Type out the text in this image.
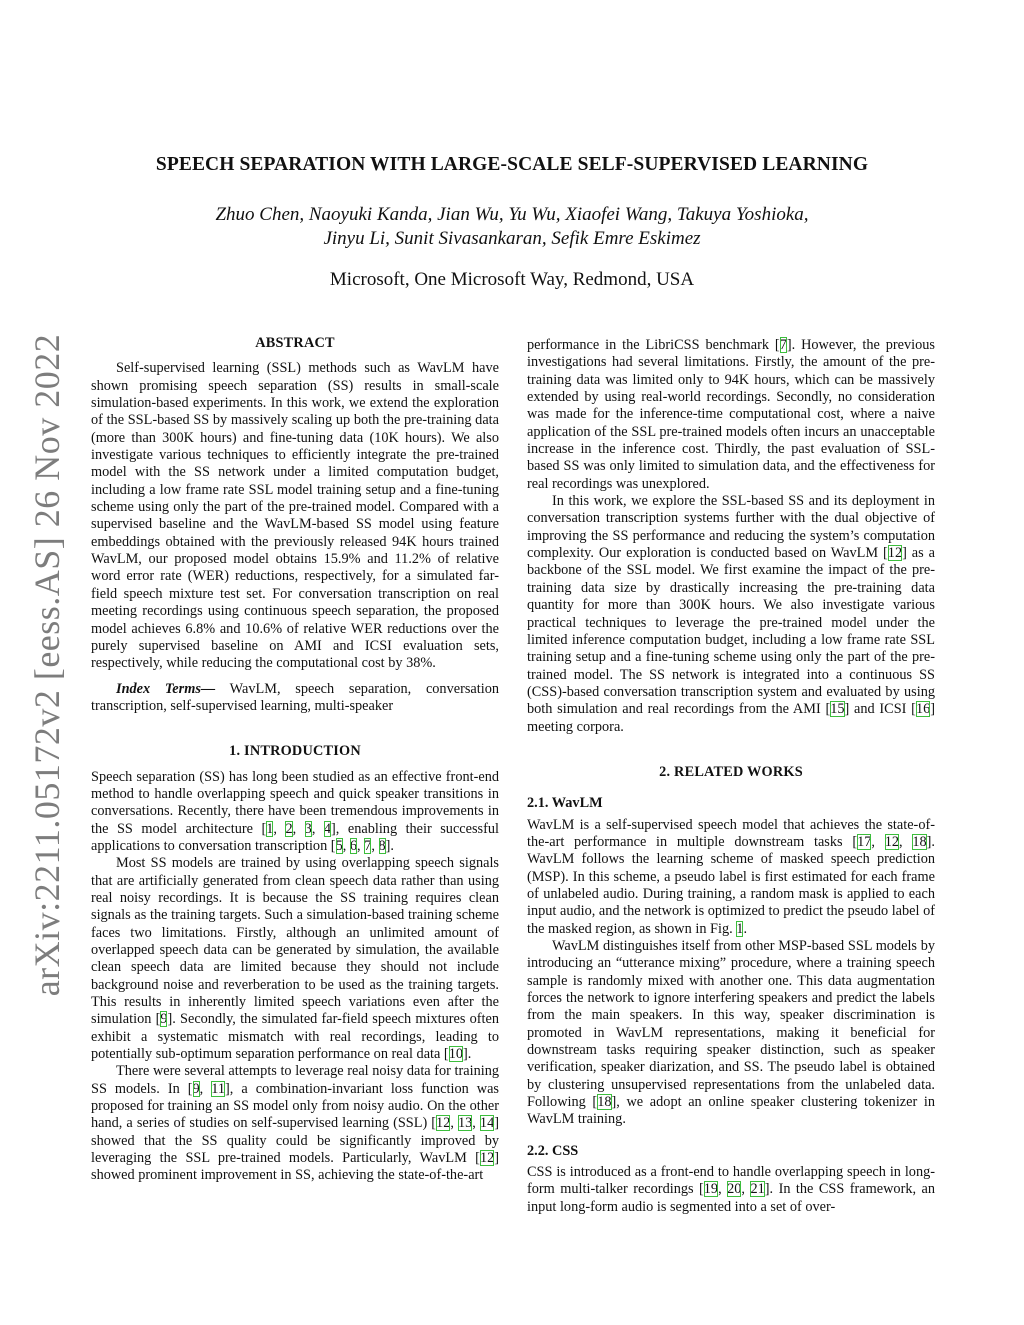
arXiv:2211.05172v2 [eess.AS] 26 Nov 2022
SPEECH SEPARATION WITH LARGE-SCALE SELF-SUPERVISED LEARNING
Zhuo Chen, Naoyuki Kanda, Jian Wu, Yu Wu, Xiaofei Wang, Takuya Yoshioka,
Jinyu Li, Sunit Sivasankaran, Sefik Emre Eskimez
Microsoft, One Microsoft Way, Redmond, USA
ABSTRACT

Self-supervised learning (SSL) methods such as WavLM have shown promising speech separation (SS) results in small-scale simulation-based experiments. In this work, we extend the exploration of the SSL-based SS by massively scaling up both the pre-training data (more than 300K hours) and fine-tuning data (10K hours). We also investigate various techniques to efficiently integrate the pre-trained model with the SS network under a limited computation budget, including a low frame rate SSL model training setup and a fine-tuning scheme using only the part of the pre-trained model. Compared with a supervised baseline and the WavLM-based SS model using feature embeddings obtained with the previously released 94K hours trained WavLM, our proposed model obtains 15.9% and 11.2% of relative word error rate (WER) reductions, respectively, for a simulated far-field speech mixture test set. For conversation transcription on real meeting recordings using continuous speech separation, the proposed model achieves 6.8% and 10.6% of relative WER reductions over the purely supervised baseline on AMI and ICSI evaluation sets, respectively, while reducing the computational cost by 38%.

Index Terms— WavLM, speech separation, conversation transcription, self-supervised learning, multi-speaker

1. INTRODUCTION

Speech separation (SS) has long been studied as an effective front-end method to handle overlapping speech and quick speaker transitions in conversations. Recently, there have been tremendous improvements in the SS model architecture [1, 2, 3, 4], enabling their successful applications to conversation transcription [5, 6, 7, 8].

Most SS models are trained by using overlapping speech signals that are artificially generated from clean speech data rather than using real noisy recordings. It is because the SS training requires clean signals as the training targets. Such a simulation-based training scheme faces two limitations. Firstly, although an unlimited amount of overlapped speech data can be generated by simulation, the available clean speech data are limited because they should not include background noise and reverberation to be used as the training targets. This results in inherently limited speech variations even after the simulation [9]. Secondly, the simulated far-field speech mixtures often exhibit a systematic mismatch with real recordings, leading to potentially sub-optimum separation performance on real data [10].

There were several attempts to leverage real noisy data for training SS models. In [9, 11], a combination-invariant loss function was proposed for training an SS model only from noisy audio. On the other hand, a series of studies on self-supervised learning (SSL) [12, 13, 14] showed that the SS quality could be significantly improved by leveraging the SSL pre-trained models. Particularly, WavLM [12] showed prominent improvement in SS, achieving the state-of-the-art

performance in the LibriCSS benchmark [7]. However, the previous investigations had several limitations. Firstly, the amount of the pre-training data was limited only to 94K hours, which can be massively extended by using real-world recordings. Secondly, no consideration was made for the inference-time computational cost, where a naive application of the SSL pre-trained models often incurs an unacceptable increase in the inference cost. Thirdly, the past evaluation of SSL-based SS was only limited to simulation data, and the effectiveness for real recordings was unexplored.

In this work, we explore the SSL-based SS and its deployment in conversation transcription systems further with the dual objective of improving the SS performance and reducing the system’s computation complexity. Our exploration is conducted based on WavLM [12] as a backbone of the SSL model. We first examine the impact of the pre-training data size by drastically increasing the pre-training data quantity for more than 300K hours. We also investigate various practical techniques to leverage the pre-trained model under the limited inference computation budget, including a low frame rate SSL training setup and a fine-tuning scheme using only the part of the pre-trained model. The SS network is integrated into a continuous SS (CSS)-based conversation transcription system and evaluated by using both simulation and real recordings from the AMI [15] and ICSI [16] meeting corpora.

2. RELATED WORKS
2.1. WavLM

WavLM is a self-supervised speech model that achieves the state-of-the-art performance in multiple downstream tasks [17, 12, 18]. WavLM follows the learning scheme of masked speech prediction (MSP). In this scheme, a pseudo label is first estimated for each frame of unlabeled audio. During training, a random mask is applied to each input audio, and the network is optimized to predict the pseudo label of the masked region, as shown in Fig. 1.

WavLM distinguishes itself from other MSP-based SSL models by introducing an “utterance mixing” procedure, where a training speech sample is randomly mixed with another one. This data augmentation forces the network to ignore interfering speakers and predict the labels from the main speakers. In this way, speaker discrimination is promoted in WavLM representations, making it beneficial for downstream tasks requiring speaker distinction, such as speaker verification, speaker diarization, and SS. The pseudo label is obtained by clustering unsupervised representations from the unlabeled data. Following [18], we adopt an online speaker clustering tokenizer in WavLM training.

2.2. CSS

CSS is introduced as a front-end to handle overlapping speech in long-form multi-talker recordings [19, 20, 21]. In the CSS framework, an input long-form audio is segmented into a set of over-
